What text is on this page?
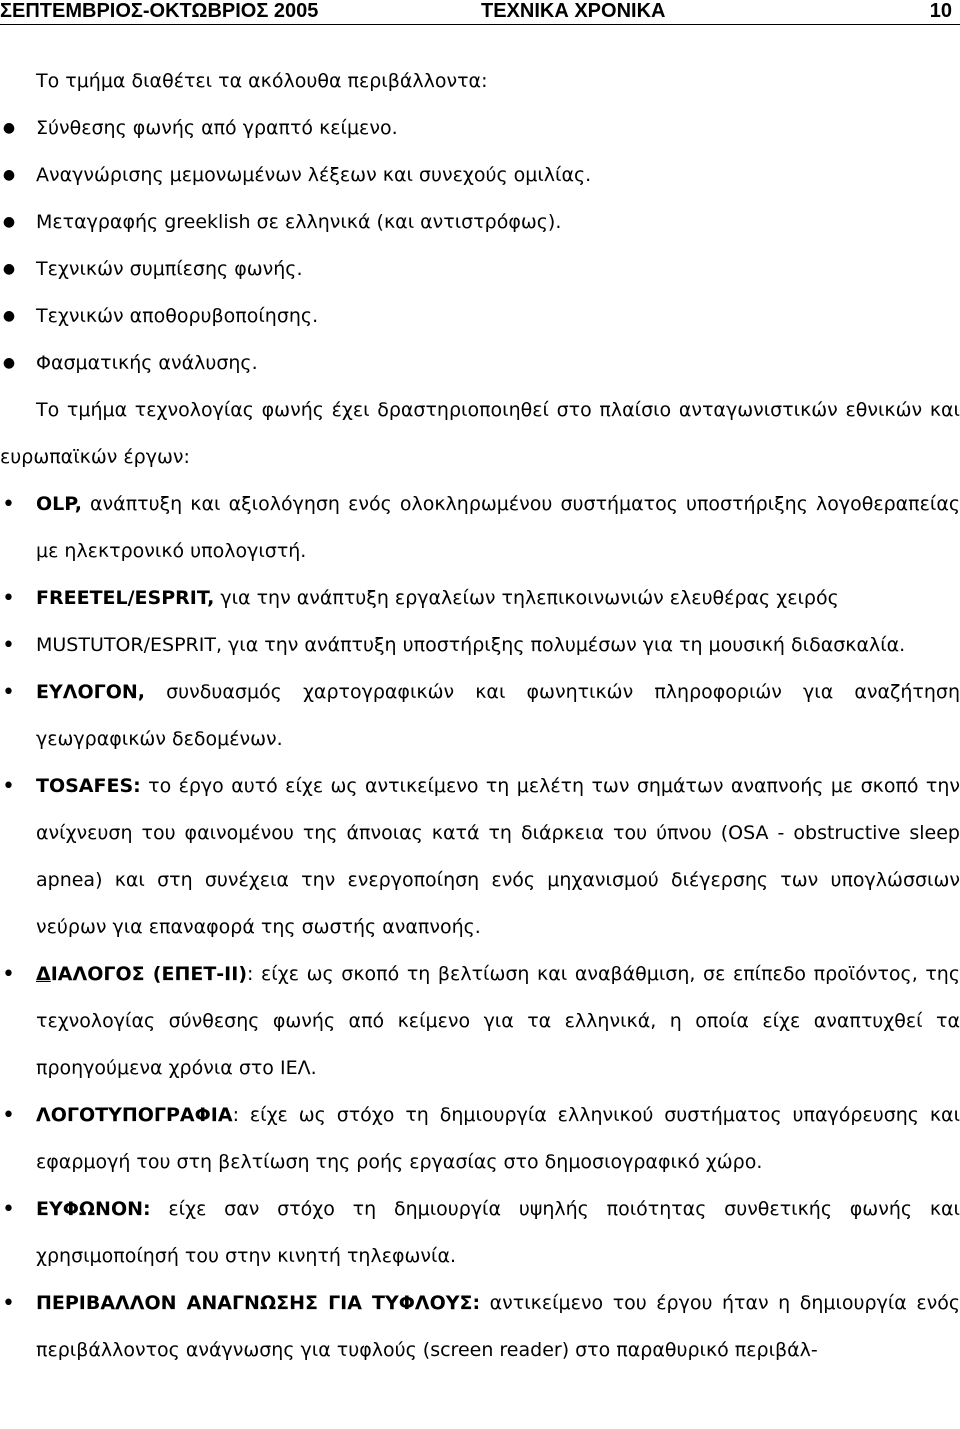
ΣΕΠΤΕΜΒΡΙΟΣ-ΟΚΤΩΒΡΙΟΣ 2005	ΤΕΧΝΙΚΑ ΧΡΟΝΙΚΑ	10

Το τμήμα διαθέτει τα ακόλουθα περιβάλλοντα:

● Σύνθεσης φωνής από γραπτό κείμενο.
● Αναγνώρισης μεμονωμένων λέξεων και συνεχούς ομιλίας.
● Μεταγραφής greeklish σε ελληνικά (και αντιστρόφως).
● Τεχνικών συμπίεσης φωνής.
● Τεχνικών αποθορυβοποίησης.
● Φασματικής ανάλυσης.

Το τμήμα τεχνολογίας φωνής έχει δραστηριοποιηθεί στο πλαίσιο ανταγωνιστικών εθνικών και ευρωπαϊκών έργων:

• OLP, ανάπτυξη και αξιολόγηση ενός ολοκληρωμένου συστήματος υποστήριξης λογοθεραπείας με ηλεκτρονικό υπολογιστή.
• FREETEL/ESPRIT, για την ανάπτυξη εργαλείων τηλεπικοινωνιών ελευθέρας χειρός
• MUSTUTOR/ESPRIT, για την ανάπτυξη υποστήριξης πολυμέσων για τη μουσική διδασκαλία.
• ΕΥΛΟΓΟΝ, συνδυασμός χαρτογραφικών και φωνητικών πληροφοριών για αναζήτηση γεωγραφικών δεδομένων.
• TOSAFES: το έργο αυτό είχε ως αντικείμενο τη μελέτη των σημάτων αναπνοής με σκοπό την ανίχνευση του φαινομένου της άπνοιας κατά τη διάρκεια του ύπνου (OSA - obstructive sleep apnea) και στη συνέχεια την ενεργοποίηση ενός μηχανισμού διέγερσης των υπογλώσσιων νεύρων για επαναφορά της σωστής αναπνοής.
• ΔΙΑΛΟΓΟΣ (ΕΠΕΤ-ΙΙ): είχε ως σκοπό τη βελτίωση και αναβάθμιση, σε επίπεδο προϊόντος, της τεχνολογίας σύνθεσης φωνής από κείμενο για τα ελληνικά, η οποία είχε αναπτυχθεί τα προηγούμενα χρόνια στο ΙΕΛ.
• ΛΟΓΟΤΥΠΟΓΡΑΦΙΑ: είχε ως στόχο τη δημιουργία ελληνικού συστήματος υπαγόρευσης και εφαρμογή του στη βελτίωση της ροής εργασίας στο δημοσιογραφικό χώρο.
• ΕΥΦΩΝΟΝ: είχε σαν στόχο τη δημιουργία υψηλής ποιότητας συνθετικής φωνής και χρησιμοποίησή του στην κινητή τηλεφωνία.
• ΠΕΡΙΒΑΛΛΟΝ ΑΝΑΓΝΩΣΗΣ ΓΙΑ ΤΥΦΛΟΥΣ: αντικείμενο του έργου ήταν η δημιουργία ενός περιβάλλοντος ανάγνωσης για τυφλούς (screen reader) στο παραθυρικό περιβάλ-
